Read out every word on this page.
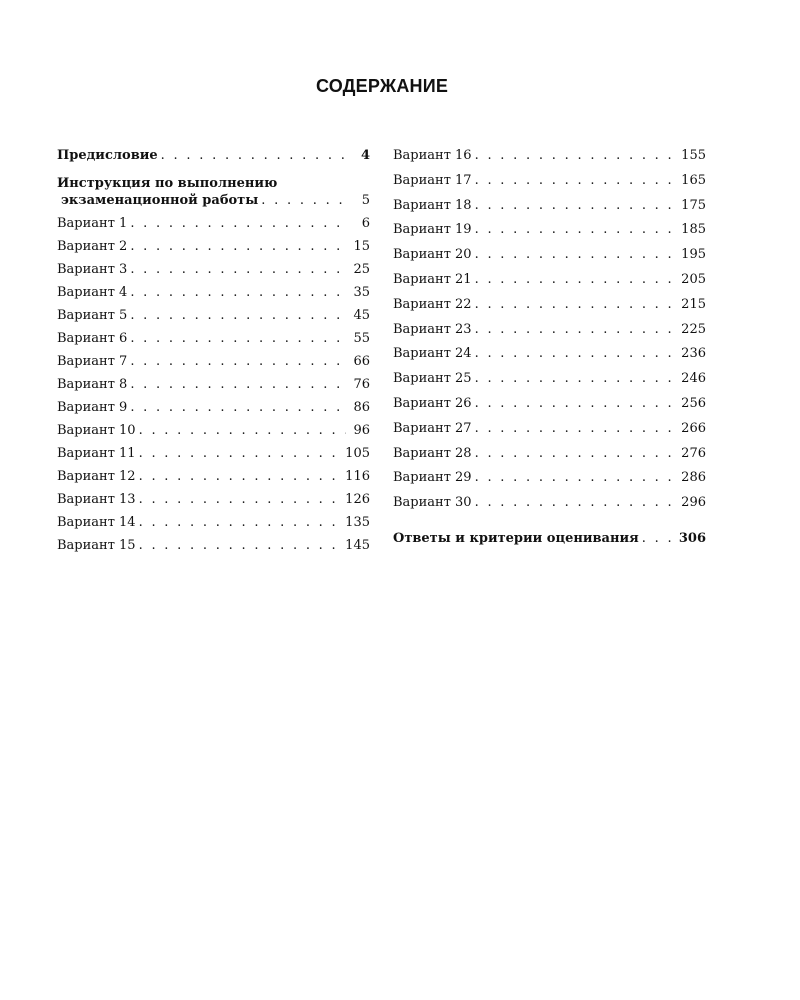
СОДЕРЖАНИЕ
Предисловие . . .	4
Инструкция по выполнению
экзаменационной работы . . .	5
Вариант 1 . . .	6
Вариант 2 . . .	15
Вариант 3 . . .	25
Вариант 4 . . .	35
Вариант 5 . . .	45
Вариант 6 . . .	55
Вариант 7 . . .	66
Вариант 8 . . .	76
Вариант 9 . . .	86
Вариант 10 . . .	96
Вариант 11 . . .	105
Вариант 12 . . .	116
Вариант 13 . . .	126
Вариант 14 . . .	135
Вариант 15 . . .	145
Вариант 16 . . .	155
Вариант 17 . . .	165
Вариант 18 . . .	175
Вариант 19 . . .	185
Вариант 20 . . .	195
Вариант 21 . . .	205
Вариант 22 . . .	215
Вариант 23 . . .	225
Вариант 24 . . .	236
Вариант 25 . . .	246
Вариант 26 . . .	256
Вариант 27 . . .	266
Вариант 28 . . .	276
Вариант 29 . . .	286
Вариант 30 . . .	296
Ответы и критерии оценивания . . .	306
